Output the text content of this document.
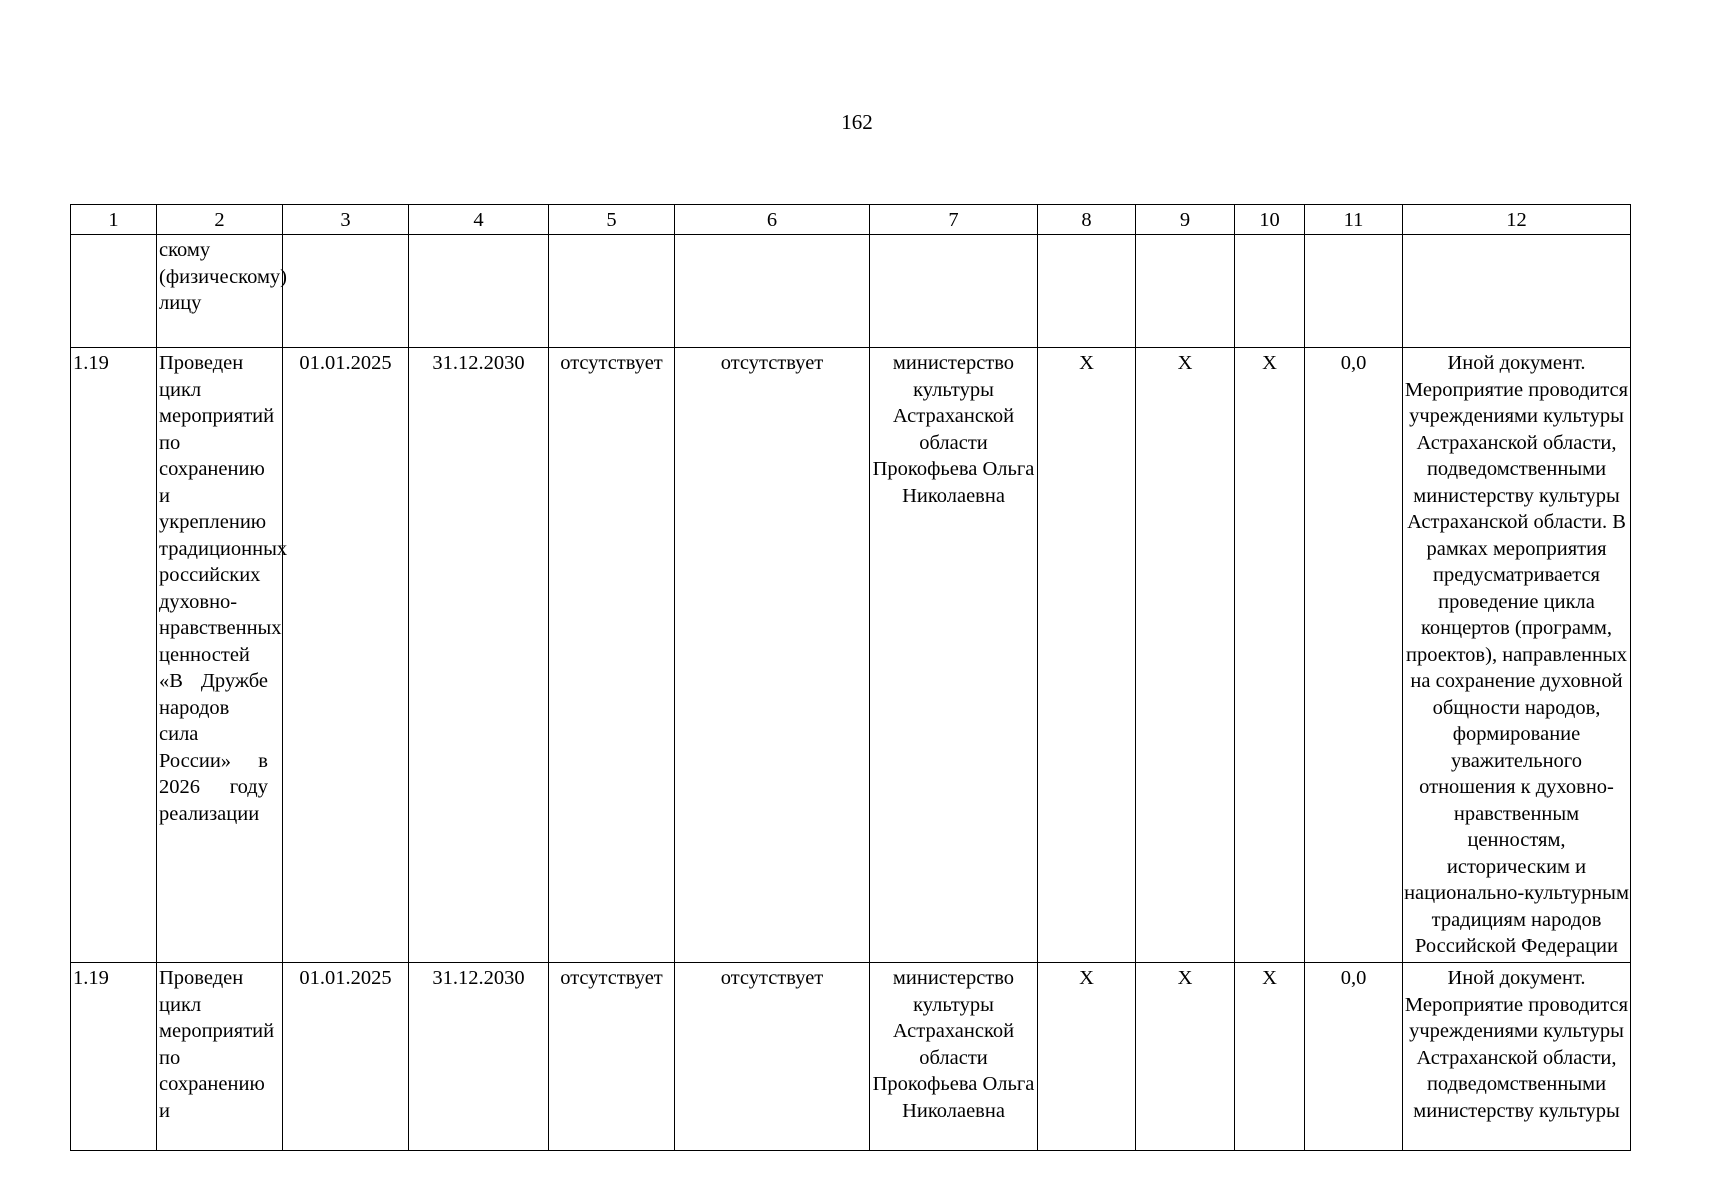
162
1	2	3	4	5	6	7	8	9	10	11	12
	скому (физическому) лицу										
1.19	Проведен цикл мероприятий по сохранению и укреплению традиционных российских духовно-нравственных ценностей «В Дружбе народов сила России» в 2026 году реализации	01.01.2025	31.12.2030	отсутствует	отсутствует	министерство культуры Астраханской области Прокофьева Ольга Николаевна	X	X	X	0,0	Иной документ. Мероприятие проводится учреждениями культуры Астраханской области, подведомственными министерству культуры Астраханской области. В рамках мероприятия предусматривается проведение цикла концертов (программ, проектов), направленных на сохранение духовной общности народов, формирование уважительного отношения к духовно-нравственным ценностям, историческим и национально-культурным традициям народов Российской Федерации
1.19	Проведен цикл мероприятий по сохранению и	01.01.2025	31.12.2030	отсутствует	отсутствует	министерство культуры Астраханской области Прокофьева Ольга Николаевна	X	X	X	0,0	Иной документ. Мероприятие проводится учреждениями культуры Астраханской области, подведомственными министерству культуры
